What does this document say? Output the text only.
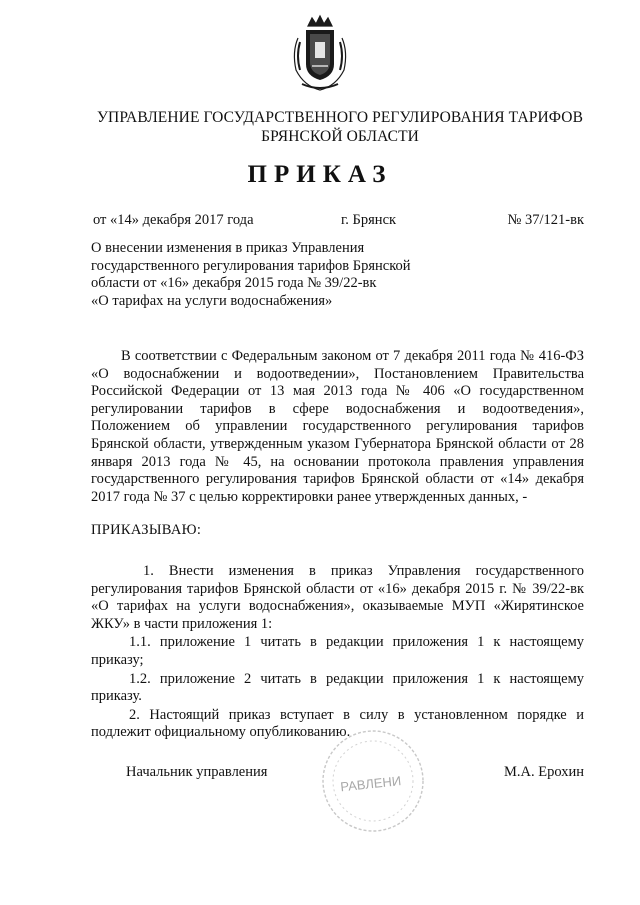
УПРАВЛЕНИЕ ГОСУДАРСТВЕННОГО РЕГУЛИРОВАНИЯ ТАРИФОВ
БРЯНСКОЙ ОБЛАСТИ
ПРИКАЗ
от «14» декабря 2017 года	г. Брянск	№ 37/121-вк
О внесении изменения в приказ Управления
государственного регулирования тарифов Брянской
области от «16» декабря 2015 года № 39/22-вк
«О тарифах на услуги водоснабжения»
В соответствии с Федеральным законом от 7 декабря 2011 года № 416-ФЗ «О водоснабжении и водоотведении», Постановлением Правительства Российской Федерации от 13 мая 2013 года № 406 «О государственном регулировании тарифов в сфере водоснабжения и водоотведения», Положением об управлении государственного регулирования тарифов Брянской области, утвержденным указом Губернатора Брянской области от 28 января 2013 года № 45, на основании протокола правления управления государственного регулирования тарифов Брянской области от «14» декабря 2017 года № 37 с целью корректировки ранее утвержденных данных, -
ПРИКАЗЫВАЮ:
1. Внести изменения в приказ Управления государственного регулирования тарифов Брянской области от «16» декабря 2015 г. № 39/22-вк «О тарифах на услуги водоснабжения», оказываемые МУП «Жирятинское ЖКУ» в части приложения 1:
1.1. приложение 1 читать в редакции приложения 1 к настоящему приказу;
1.2. приложение 2 читать в редакции приложения 1 к настоящему приказу.
2. Настоящий приказ вступает в силу в установленном порядке и подлежит официальному опубликованию.
Начальник управления	М.А. Ерохин
РАВЛЕНИ
